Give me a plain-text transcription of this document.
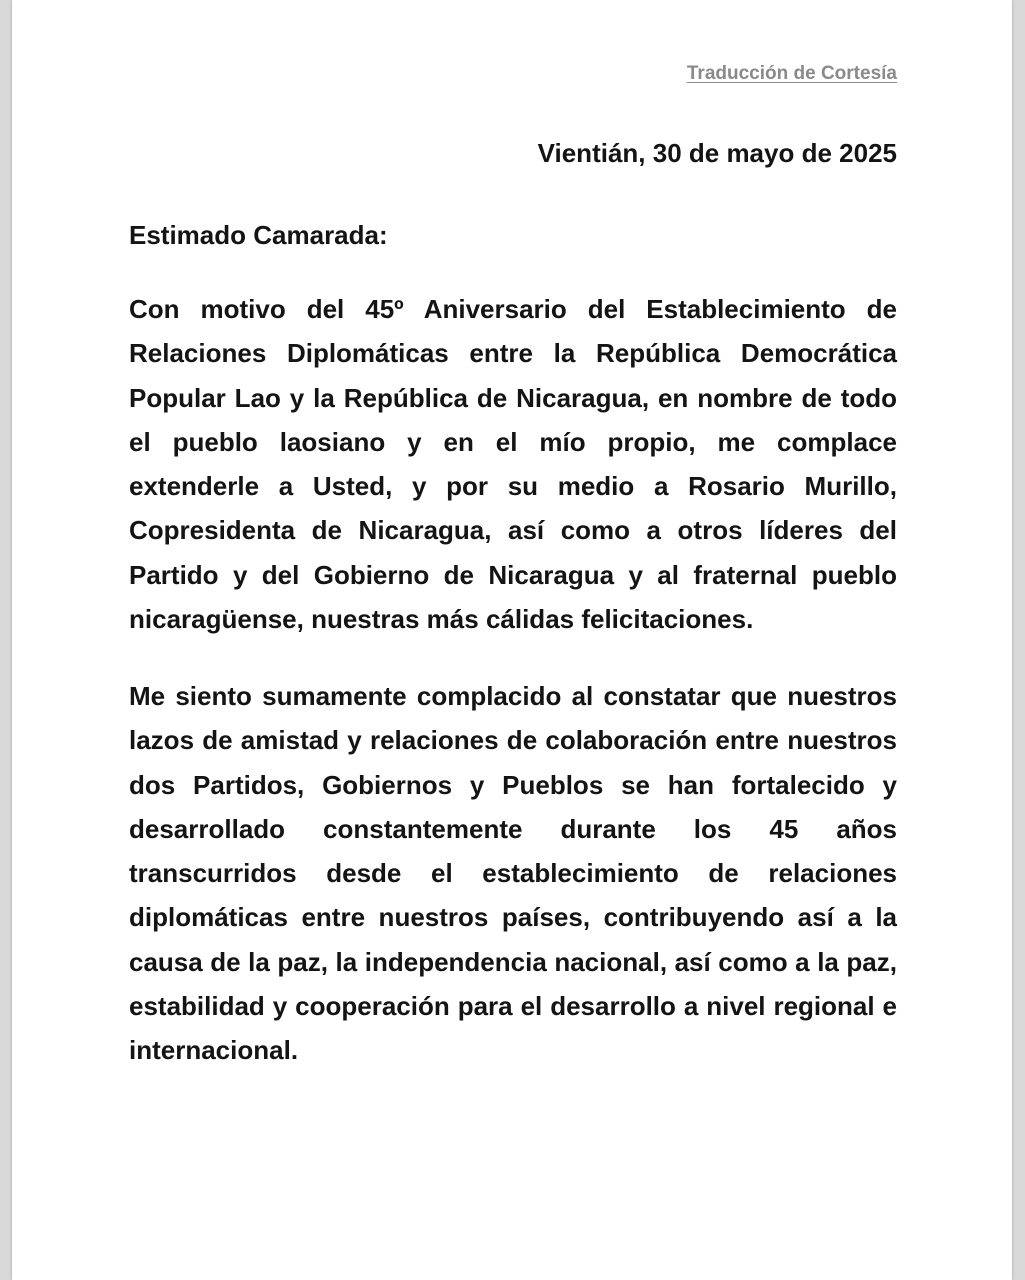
Traducción de Cortesía
Vientián, 30 de mayo de 2025
Estimado Camarada:

Con motivo del 45º Aniversario del Establecimiento de Relaciones Diplomáticas entre la República Democrática Popular Lao y la República de Nicaragua, en nombre de todo el pueblo laosiano y en el mío propio, me complace extenderle a Usted, y por su medio a Rosario Murillo, Copresidenta de Nicaragua, así como a otros líderes del Partido y del Gobierno de Nicaragua y al fraternal pueblo nicaragüense, nuestras más cálidas felicitaciones.

Me siento sumamente complacido al constatar que nuestros lazos de amistad y relaciones de colaboración entre nuestros dos Partidos, Gobiernos y Pueblos se han fortalecido y desarrollado constantemente durante los 45 años transcurridos desde el establecimiento de relaciones diplomáticas entre nuestros países, contribuyendo así a la causa de la paz, la independencia nacional, así como a la paz, estabilidad y cooperación para el desarrollo a nivel regional e internacional.
